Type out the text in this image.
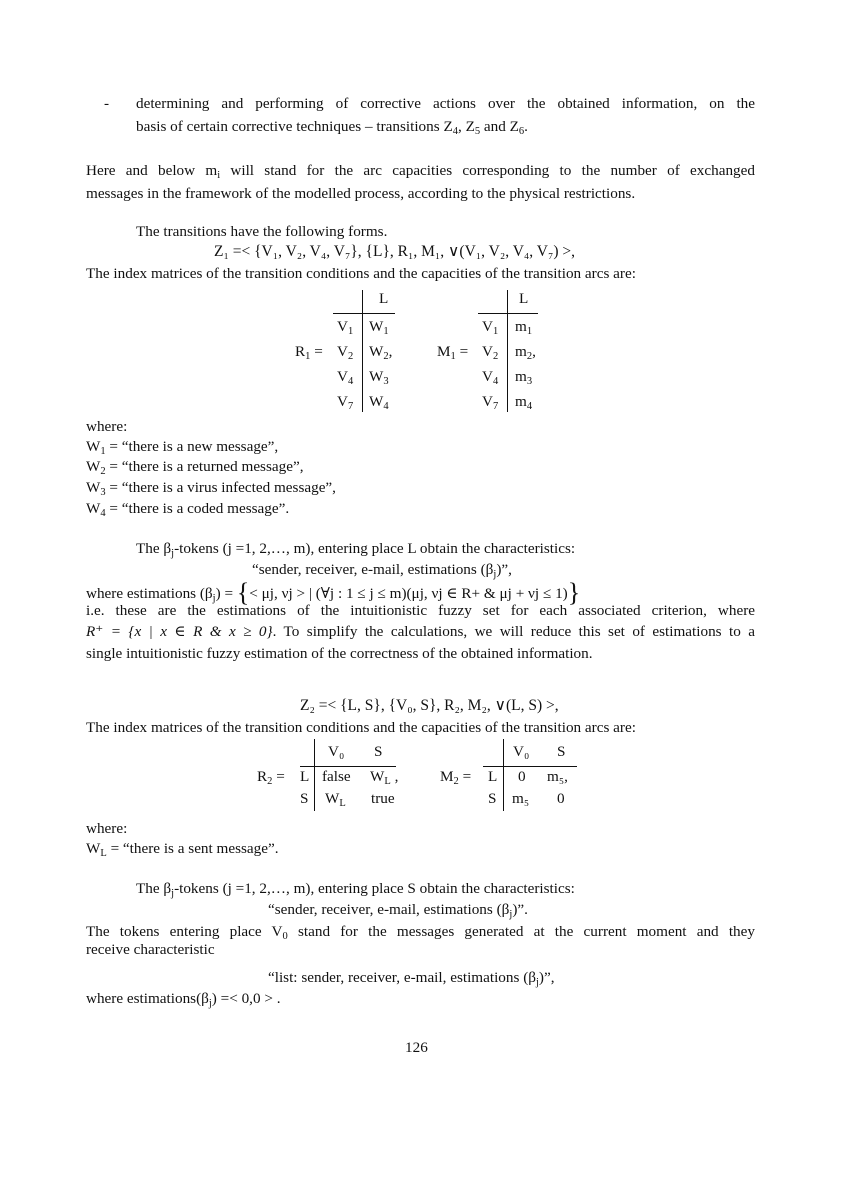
- determining and performing of corrective actions over the obtained information, on the
basis of certain corrective techniques – transitions $Z_4$, $Z_5$ and $Z_6$.
Here and below $m_i$ will stand for the arc capacities corresponding to the number of exchanged
messages in the framework of the modelled process, according to the physical restrictions.
The transitions have the following forms.
Z₁ =< {V₁, V₂, V₄, V₇}, {L}, R₁, M₁, ∨(V₁, V₂, V₄, V₇) >,
The index matrices of the transition conditions and the capacities of the transition arcs are:
L
$R_1$ =
$V_1$
$V_2$
$V_4$
$V_7$
$W_1$
$W_2$,
$W_3$
$W_4$
L
$M_1$ =
$V_1$
$V_2$
$V_4$
$V_7$
$m_1$
$m_2$,
$m_3$
$m_4$
where:
$W_1$ = “there is a new message”,
$W_2$ = “there is a returned message”,
$W_3$ = “there is a virus infected message”,
$W_4$ = “there is a coded message”.
The $\beta_j$-tokens (j =1, 2,…, m), entering place L obtain the characteristics:
“sender, receiver, e-mail, estimations $(\beta_j)$”,
where estimations $(\beta_j)$ = {< μj, νj > | (∀j : 1 ≤ j ≤ m)(μj, νj ∈ R+ & μj + νj ≤ 1)}
i.e. these are the estimations of the intuitionistic fuzzy set for each associated criterion, where
R⁺ = {x | x ∈ R & x ≥ 0}. To simplify the calculations, we will reduce this set of estimations to a
single intuitionistic fuzzy estimation of the correctness of the obtained information.
Z₂ =< {L, S}, {V₀, S}, R₂, M₂, ∨(L, S) >,
The index matrices of the transition conditions and the capacities of the transition arcs are:
V₀ S
$R_2 = L$
S
false $W_L$ ,
$W_L$ true
V₀ S
$M_2 = L$
S
0 m₅,
m₅ 0
where:
$W_L$ = “there is a sent message”.
The $\beta_j$-tokens (j =1, 2,…, m), entering place S obtain the characteristics:
“sender, receiver, e-mail, estimations $(\beta_j)$”.
The tokens entering place $V_0$ stand for the messages generated at the current moment and they
receive characteristic
“list: sender, receiver, e-mail, estimations $(\beta_j)$”,
where $estimations(\beta_j) =< 0,0$ > .
126
